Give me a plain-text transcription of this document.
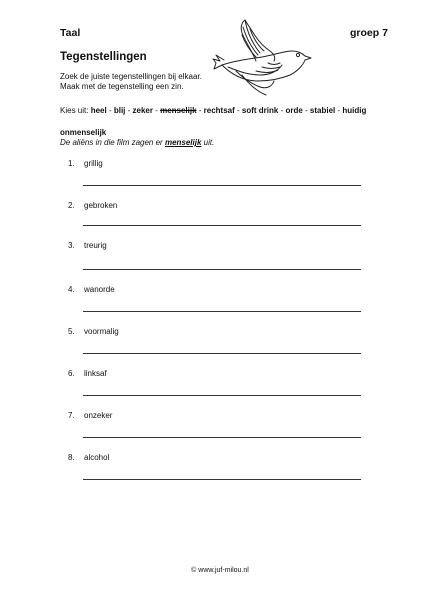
Taal	groep 7
Tegenstellingen
Zoek de juiste tegenstellingen bij elkaar.
Maak met de tegenstelling een zin.
Kies uit: heel - blij - zeker - menselijk - rechtsaf - soft drink - orde - stabiel - huidig
onmenselijk
De aliëns in die film zagen er menselijk uit.
1. grillig
3. treurig
2. gebroken
4. wanorde
5. voormalig
6. linksaf
7. onzeker
8. alcohol
© www.juf-milou.nl
